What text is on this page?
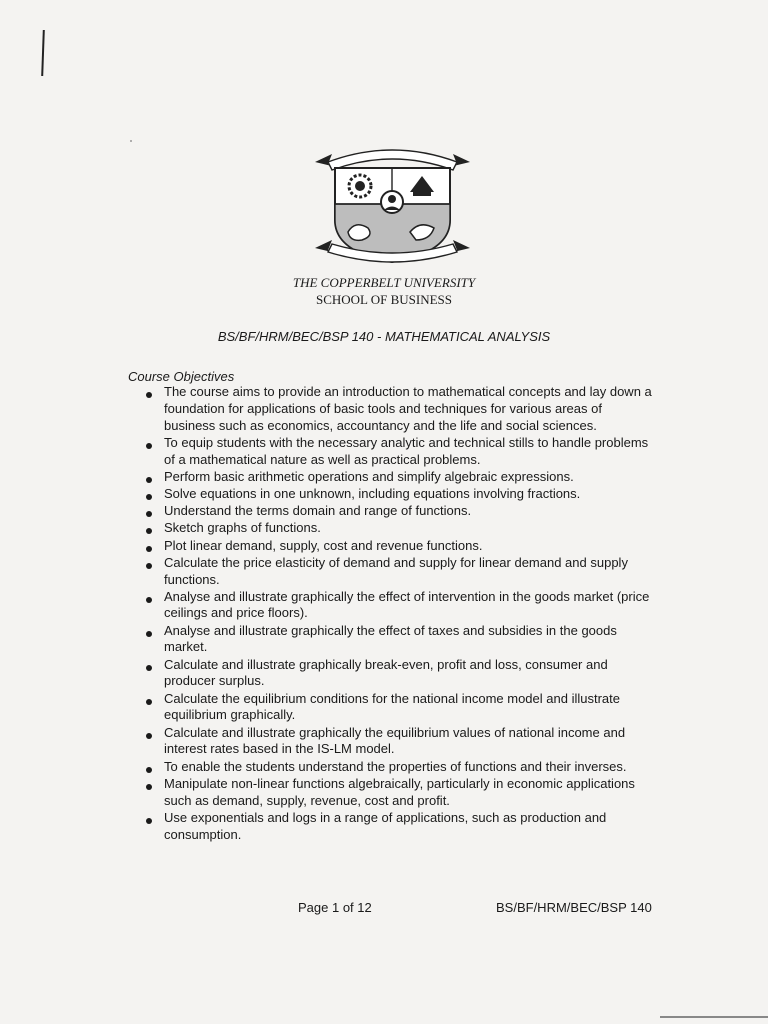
THE COPPERBELT UNIVERSITY
SCHOOL OF BUSINESS
BS/BF/HRM/BEC/BSP 140 - MATHEMATICAL ANALYSIS
Course Objectives
The course aims to provide an introduction to mathematical concepts and lay down a foundation for applications of basic tools and techniques for various areas of business such as economics, accountancy and the life and social sciences.
To equip students with the necessary analytic and technical stills to handle problems of a mathematical nature as well as practical problems.
Perform basic arithmetic operations and simplify algebraic expressions.
Solve equations in one unknown, including equations involving fractions.
Understand the terms domain and range of functions.
Sketch graphs of functions.
Plot linear demand, supply, cost and revenue functions.
Calculate the price elasticity of demand and supply for linear demand and supply functions.
Analyse and illustrate graphically the effect of intervention in the goods market (price ceilings and price floors).
Analyse and illustrate graphically the effect of taxes and subsidies in the goods market.
Calculate and illustrate graphically break-even, profit and loss, consumer and producer surplus.
Calculate the equilibrium conditions for the national income model and illustrate equilibrium graphically.
Calculate and illustrate graphically the equilibrium values of national income and interest rates based in the IS-LM model.
To enable the students understand the properties of functions and their inverses.
Manipulate non-linear functions algebraically, particularly in economic applications such as demand, supply, revenue, cost and profit.
Use exponentials and logs in a range of applications, such as production and consumption.
Page 1 of 12	BS/BF/HRM/BEC/BSP 140
